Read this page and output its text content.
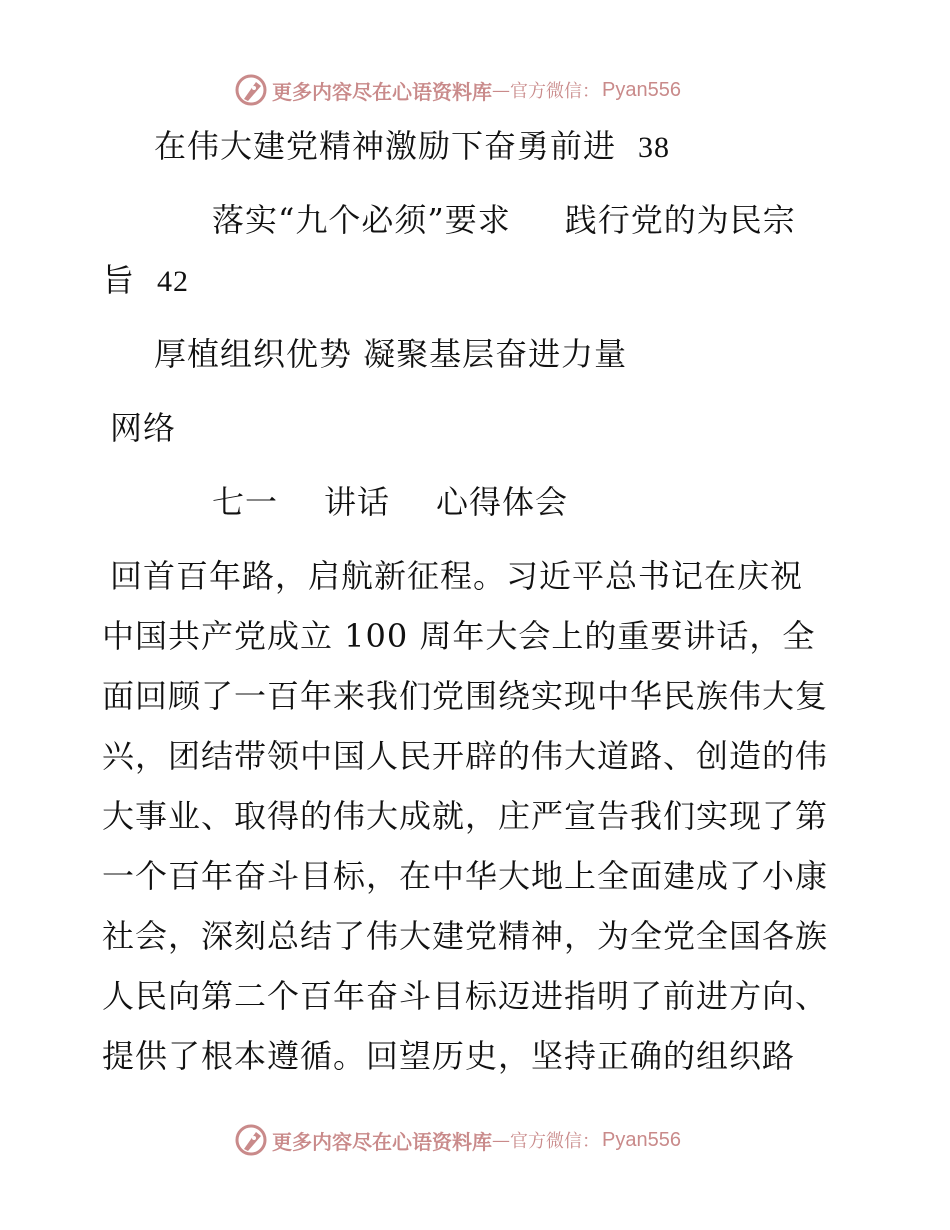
更多内容尽在心语资料库 — 官方微信： Pyan556
在伟大建党精神激励下奋勇前进 38
落实“九个必须”要求 践行党的为民宗
旨 42
厚植组织优势 凝聚基层奋进力量
网络
七一 讲话 心得体会
回首百年路，启航新征程。习近平总书记在庆祝
中国共产党成立 100 周年大会上的重要讲话，全
面回顾了一百年来我们党围绕实现中华民族伟大复
兴，团结带领中国人民开辟的伟大道路、创造的伟
大事业、取得的伟大成就，庄严宣告我们实现了第
一个百年奋斗目标，在中华大地上全面建成了小康
社会，深刻总结了伟大建党精神，为全党全国各族
人民向第二个百年奋斗目标迈进指明了前进方向、
提供了根本遵循。回望历史，坚持正确的组织路
更多内容尽在心语资料库 — 官方微信： Pyan556
